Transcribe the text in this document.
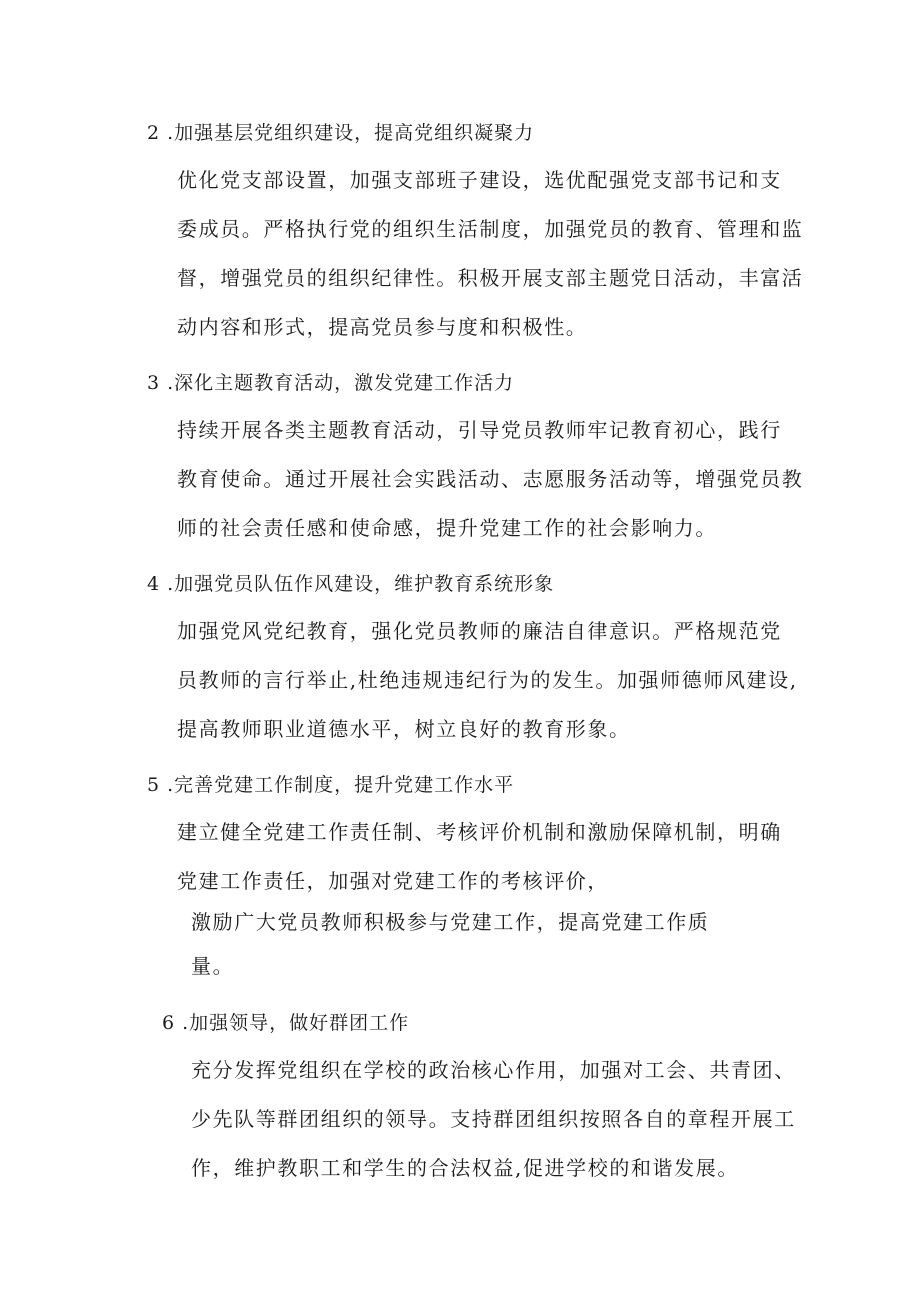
2 .加强基层党组织建设，提高党组织凝聚力
优化党支部设置，加强支部班子建设，选优配强党支部书记和支
委成员。严格执行党的组织生活制度，加强党员的教育、管理和监
督，增强党员的组织纪律性。积极开展支部主题党日活动，丰富活
动内容和形式，提高党员参与度和积极性。
3 .深化主题教育活动，激发党建工作活力
持续开展各类主题教育活动，引导党员教师牢记教育初心，践行
教育使命。通过开展社会实践活动、志愿服务活动等，增强党员教
师的社会责任感和使命感，提升党建工作的社会影响力。
4 .加强党员队伍作风建设，维护教育系统形象
加强党风党纪教育，强化党员教师的廉洁自律意识。严格规范党
员教师的言行举止,杜绝违规违纪行为的发生。加强师德师风建设,
提高教师职业道德水平，树立良好的教育形象。
5 .完善党建工作制度，提升党建工作水平
建立健全党建工作责任制、考核评价机制和激励保障机制，明确
党建工作责任，加强对党建工作的考核评价，
激励广大党员教师积极参与党建工作，提高党建工作质
量。
6 .加强领导，做好群团工作
充分发挥党组织在学校的政治核心作用，加强对工会、共青团、
少先队等群团组织的领导。支持群团组织按照各自的章程开展工
作，维护教职工和学生的合法权益,促进学校的和谐发展。
